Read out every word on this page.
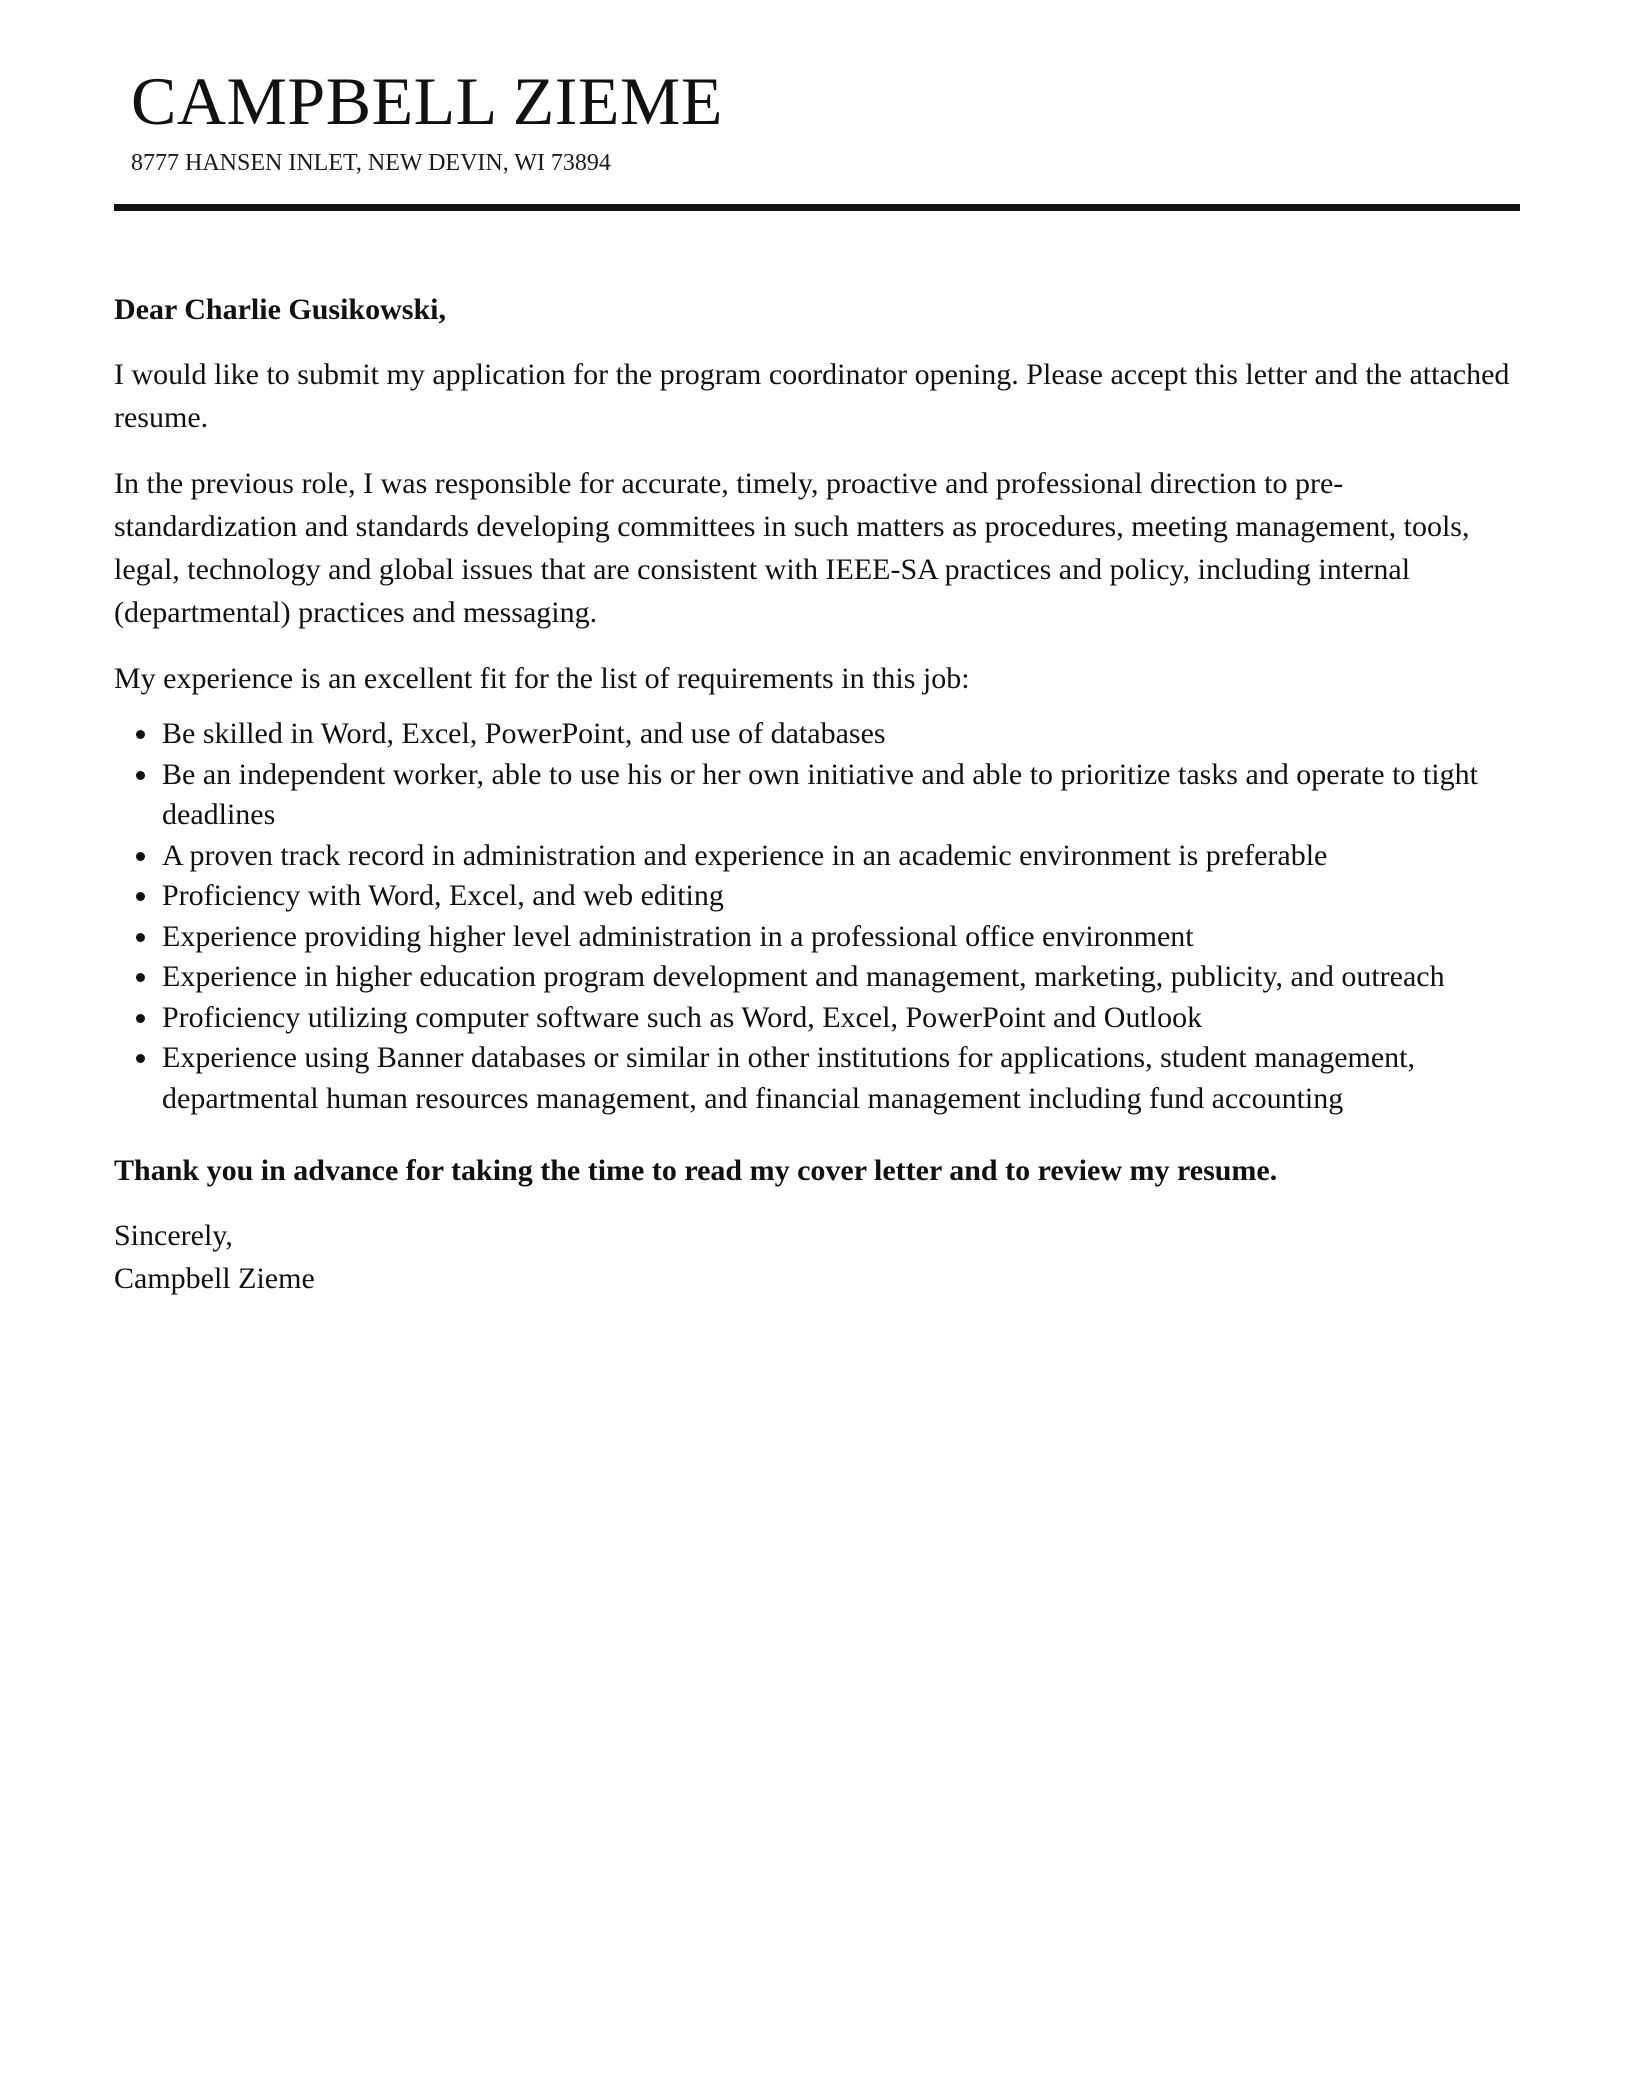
CAMPBELL ZIEME
8777 HANSEN INLET, NEW DEVIN, WI 73894

Dear Charlie Gusikowski,

I would like to submit my application for the program coordinator opening. Please accept this letter and the attached resume.

In the previous role, I was responsible for accurate, timely, proactive and professional direction to pre-standardization and standards developing committees in such matters as procedures, meeting management, tools, legal, technology and global issues that are consistent with IEEE-SA practices and policy, including internal (departmental) practices and messaging.

My experience is an excellent fit for the list of requirements in this job:

Be skilled in Word, Excel, PowerPoint, and use of databases
Be an independent worker, able to use his or her own initiative and able to prioritize tasks and operate to tight deadlines
A proven track record in administration and experience in an academic environment is preferable
Proficiency with Word, Excel, and web editing
Experience providing higher level administration in a professional office environment
Experience in higher education program development and management, marketing, publicity, and outreach
Proficiency utilizing computer software such as Word, Excel, PowerPoint and Outlook
Experience using Banner databases or similar in other institutions for applications, student management, departmental human resources management, and financial management including fund accounting

Thank you in advance for taking the time to read my cover letter and to review my resume.

Sincerely,

Campbell Zieme
